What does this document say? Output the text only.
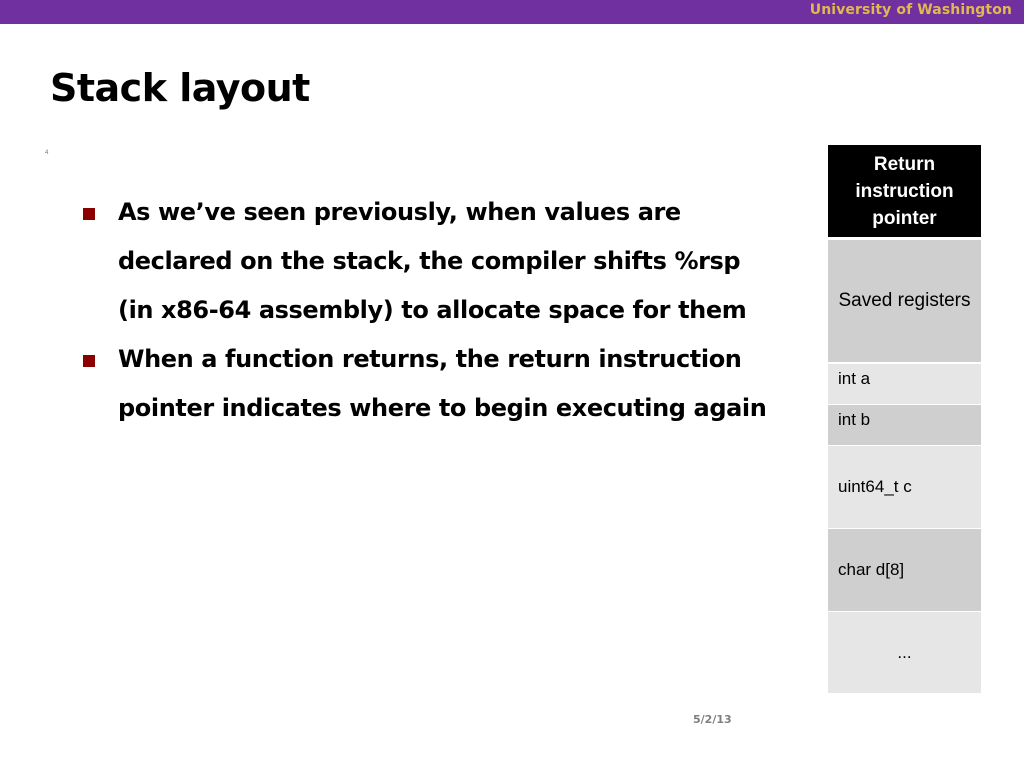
University of Washington
Stack layout
4
As we’ve seen previously, when values are declared on the stack, the compiler shifts %rsp (in x86-64 assembly) to allocate space for them
When a function returns, the return instruction pointer indicates where to begin executing again
Return instruction pointer
Saved registers
int a
int b
uint64_t c
char d[8]
...
5/2/13
